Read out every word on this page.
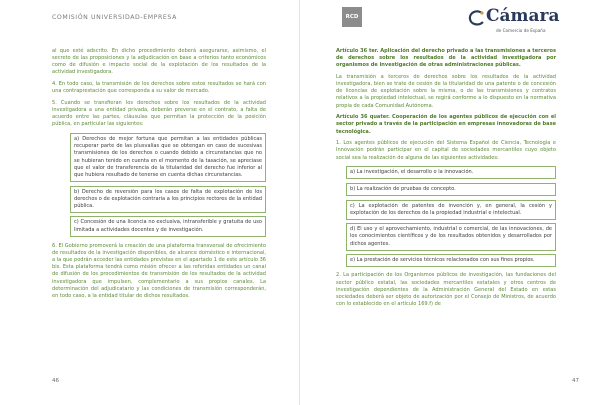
COMISIÓN UNIVERSIDAD-EMPRESA

al que esté adscrito. En dicho procedimiento deberá asegurarse, asimismo, el secreto de las proposiciones y la adjudicación en base a criterios tanto económicos como de difusión e impacto social de la explotación de los resultados de la actividad investigadora.

4. En todo caso, la transmisión de los derechos sobre estos resultados se hará con una contraprestación que corresponda a su valor de mercado.

5. Cuando se transfieran los derechos sobre los resultados de la actividad investigadora a una entidad privada, deberán preverse en el contrato, a falta de acuerdo entre las partes, cláusulas que permitan la protección de la posición pública, en particular las siguientes:

a) Derechos de mejor fortuna que permitan a las entidades públicas recuperar parte de las plusvalías que se obtengan en caso de sucesivas transmisiones de los derechos o cuando debido a circunstancias que no se hubieran tenido en cuenta en el momento de la tasación, se apreciase que el valor de transferencia de la titularidad del derecho fue inferior al que hubiera resultado de tenerse en cuenta dichas circunstancias.
b) Derecho de reversión para los casos de falta de explotación de los derechos o de explotación contraria a los principios rectores de la entidad pública.
c) Concesión de una licencia no exclusiva, intransferible y gratuita de uso limitada a actividades docentes y de investigación.

6. El Gobierno promoverá la creación de una plataforma transversal de ofrecimiento de resultados de la investigación disponibles, de alcance doméstico e internacional, a la que podrán acceder las entidades previstas en el apartado 1 de este artículo 36 bis. Esta plataforma tendrá como misión ofrecer a las referidas entidades un canal de difusión de los procedimientos de transmisión de los resultados de la actividad investigadora que impulsen, complementario a sus propios canales. La determinación del adjudicatario y las condiciones de transmisión corresponderán, en todo caso, a la entidad titular de dichos resultados.

46
RCD	Cámara
de Comercio de España

Artículo 36 ter. Aplicación del derecho privado a las transmisiones a terceros de derechos sobre los resultados de la actividad investigadora por organismos de investigación de otras administraciones públicas.

La transmisión a terceros de derechos sobre los resultados de la actividad investigadora, bien se trate de cesión de la titularidad de una patente o de concesión de licencias de explotación sobre la misma, o de las transmisiones y contratos relativos a la propiedad intelectual, se regirá conforme a lo dispuesto en la normativa propia de cada Comunidad Autónoma.

Artículo 36 quater. Cooperación de los agentes públicos de ejecución con el sector privado a través de la participación en empresas innovadoras de base tecnológica.

1. Los agentes públicos de ejecución del Sistema Español de Ciencia, Tecnología e Innovación podrán participar en el capital de sociedades mercantiles cuyo objeto social sea la realización de alguna de las siguientes actividades:

a) La investigación, el desarrollo o la innovación.
b) La realización de pruebas de concepto.
c) La explotación de patentes de invención y, en general, la cesión y explotación de los derechos de la propiedad industrial e intelectual.
d) El uso y el aprovechamiento, industrial o comercial, de las innovaciones, de los conocimientos científicos y de los resultados obtenidos y desarrollados por dichos agentes.
e) La prestación de servicios técnicos relacionados con sus fines propios.

2. La participación de los Organismos públicos de investigación, las fundaciones del sector público estatal, las sociedades mercantiles estatales y otros centros de investigación dependientes de la Administración General del Estado en estas sociedades deberá ser objeto de autorización por el Consejo de Ministros, de acuerdo con lo establecido en el artículo 169.f) de

47
